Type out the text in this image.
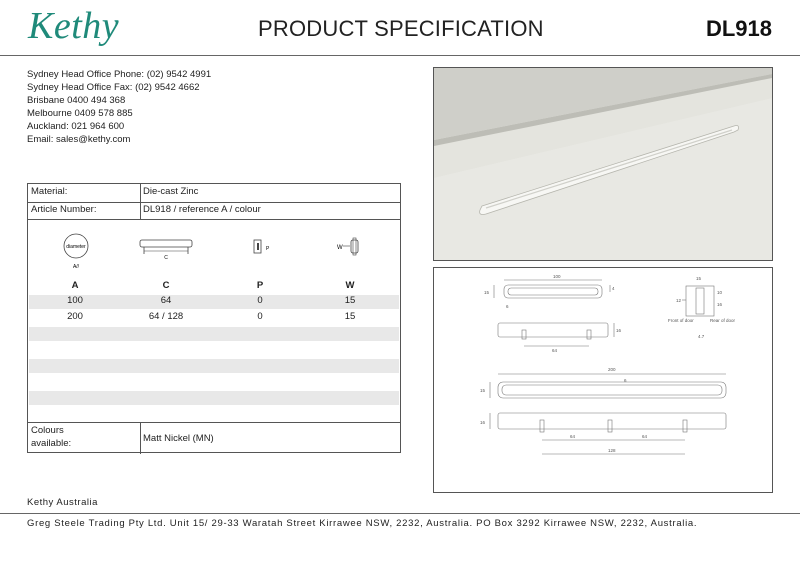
Kethy	PRODUCT SPECIFICATION	DL918
Sydney Head Office Phone: (02) 9542 4991
Sydney Head Office Fax: (02) 9542 4662
Brisbane 0400 494 368
Melbourne 0409 578 885
Auckland: 021 964 600
Email: sales@kethy.com
Material:	Die-cast Zinc
Article Number:	DL918 / reference A / colour
diameter
A//
C
P	W
A	C	P	W
100	64	0	15
200	64 / 128	0	15
Colours
available:	Matt Nickel (MN)
100
15
4
6
64
16
15
12
10
16
4.7
Front of door	Rear of door
200
6
15
16
64	64
128
Kethy Australia
Greg Steele Trading Pty Ltd. Unit 15/ 29-33 Waratah Street Kirrawee NSW, 2232, Australia. PO Box 3292 Kirrawee NSW, 2232, Australia.
